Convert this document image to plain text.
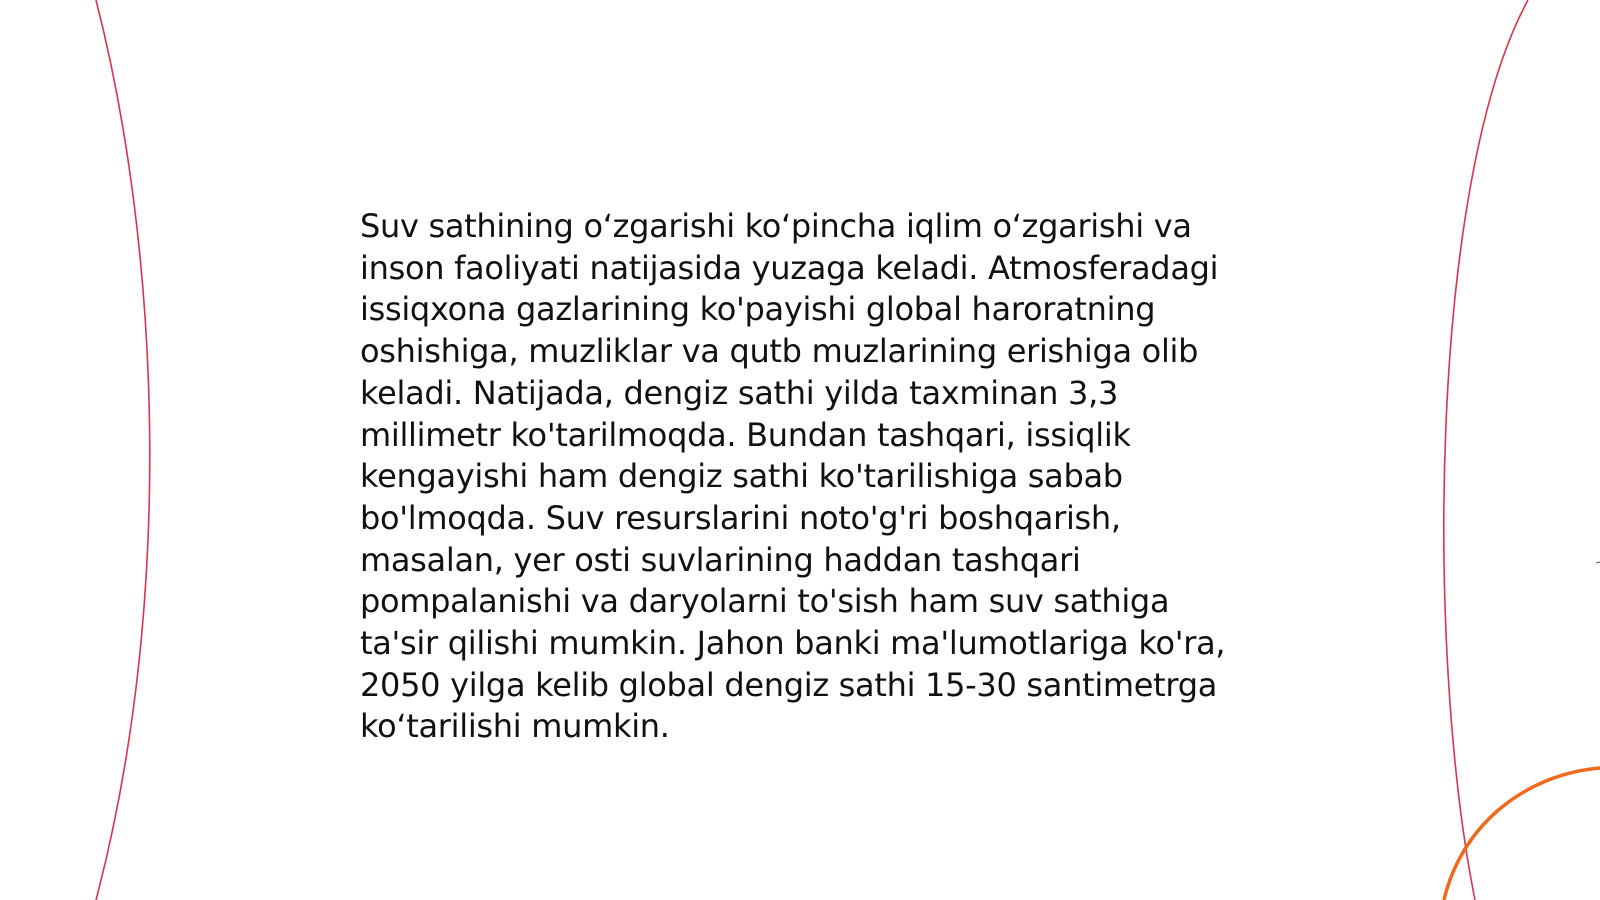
Suv sathining o‘zgarishi ko‘pincha iqlim o‘zgarishi va inson faoliyati natijasida yuzaga keladi. Atmosferadagi issiqxona gazlarining ko'payishi global haroratning oshishiga, muzliklar va qutb muzlarining erishiga olib keladi. Natijada, dengiz sathi yilda taxminan 3,3 millimetr ko'tarilmoqda. Bundan tashqari, issiqlik kengayishi ham dengiz sathi ko'tarilishiga sabab bo'lmoqda. Suv resurslarini noto'g'ri boshqarish, masalan, yer osti suvlarining haddan tashqari pompalanishi va daryolarni to'sish ham suv sathiga ta'sir qilishi mumkin. Jahon banki ma'lumotlariga ko'ra, 2050 yilga kelib global dengiz sathi 15-30 santimetrga ko‘tarilishi mumkin.
